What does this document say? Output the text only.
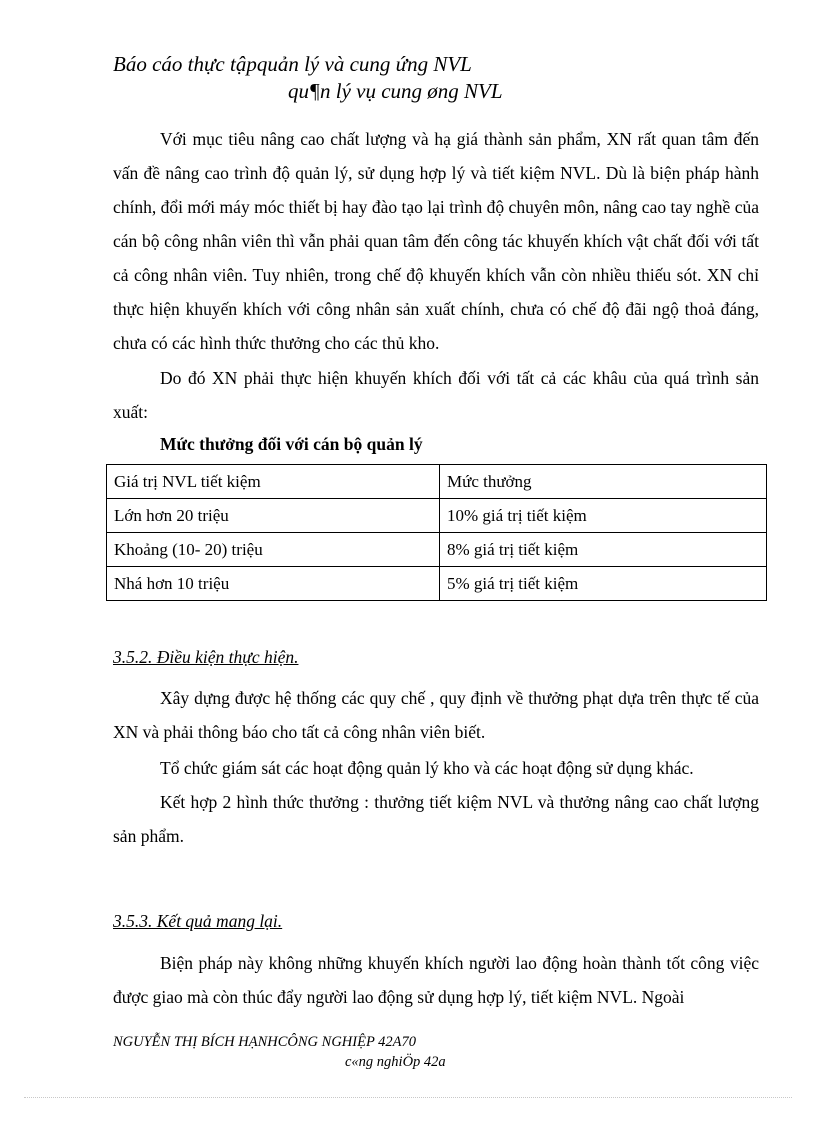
Báo cáo thực tậpquản lý và cung ứng NVL
qu¶n lý vụ cung øng NVL

Với mục tiêu nâng cao chất lượng và hạ giá thành sản phẩm, XN rất quan tâm đến vấn đề nâng cao trình độ quản lý, sử dụng hợp lý và tiết kiệm NVL. Dù là biện pháp hành chính, đổi mới máy móc thiết bị hay đào tạo lại trình độ chuyên môn, nâng cao tay nghề của cán bộ công nhân viên thì vẫn phải quan tâm đến công tác khuyến khích vật chất đối với tất cả công nhân viên. Tuy nhiên, trong chế độ khuyến khích vẫn còn nhiều thiếu sót. XN chỉ thực hiện khuyến khích với công nhân sản xuất chính, chưa có chế độ đãi ngộ thoả đáng, chưa có các hình thức thưởng cho các thủ kho.

Do đó XN phải thực hiện khuyến khích đối với tất cả các khâu của quá trình sản xuất:

Mức thưởng đối với cán bộ quản lý
Giá trị NVL tiết kiệm	Mức thưởng
Lớn hơn 20 triệu	10% giá trị tiết kiệm
Khoảng (10- 20) triệu	8% giá trị tiết kiệm
Nhá hơn 10 triệu	5% giá trị tiết kiệm
3.5.2. Điều kiện thực hiện.

Xây dựng được hệ thống các quy chế , quy định về thưởng phạt dựa trên thực tế của XN và phải thông báo cho tất cả công nhân viên biết.

Tổ chức giám sát các hoạt động quản lý kho và các hoạt động sử dụng khác.

Kết hợp 2 hình thức thưởng : thưởng tiết kiệm NVL và thưởng nâng cao chất lượng sản phẩm.

3.5.3. Kết quả mang lại.

Biện pháp này không những khuyến khích người lao động hoàn thành tốt công việc được giao mà còn thúc đẩy người lao động sử dụng hợp lý, tiết kiệm NVL. Ngoài

NGUYỄN THỊ BÍCH HẠNHCÔNG NGHIỆP 42A70
c«ng nghiÖp 42a
